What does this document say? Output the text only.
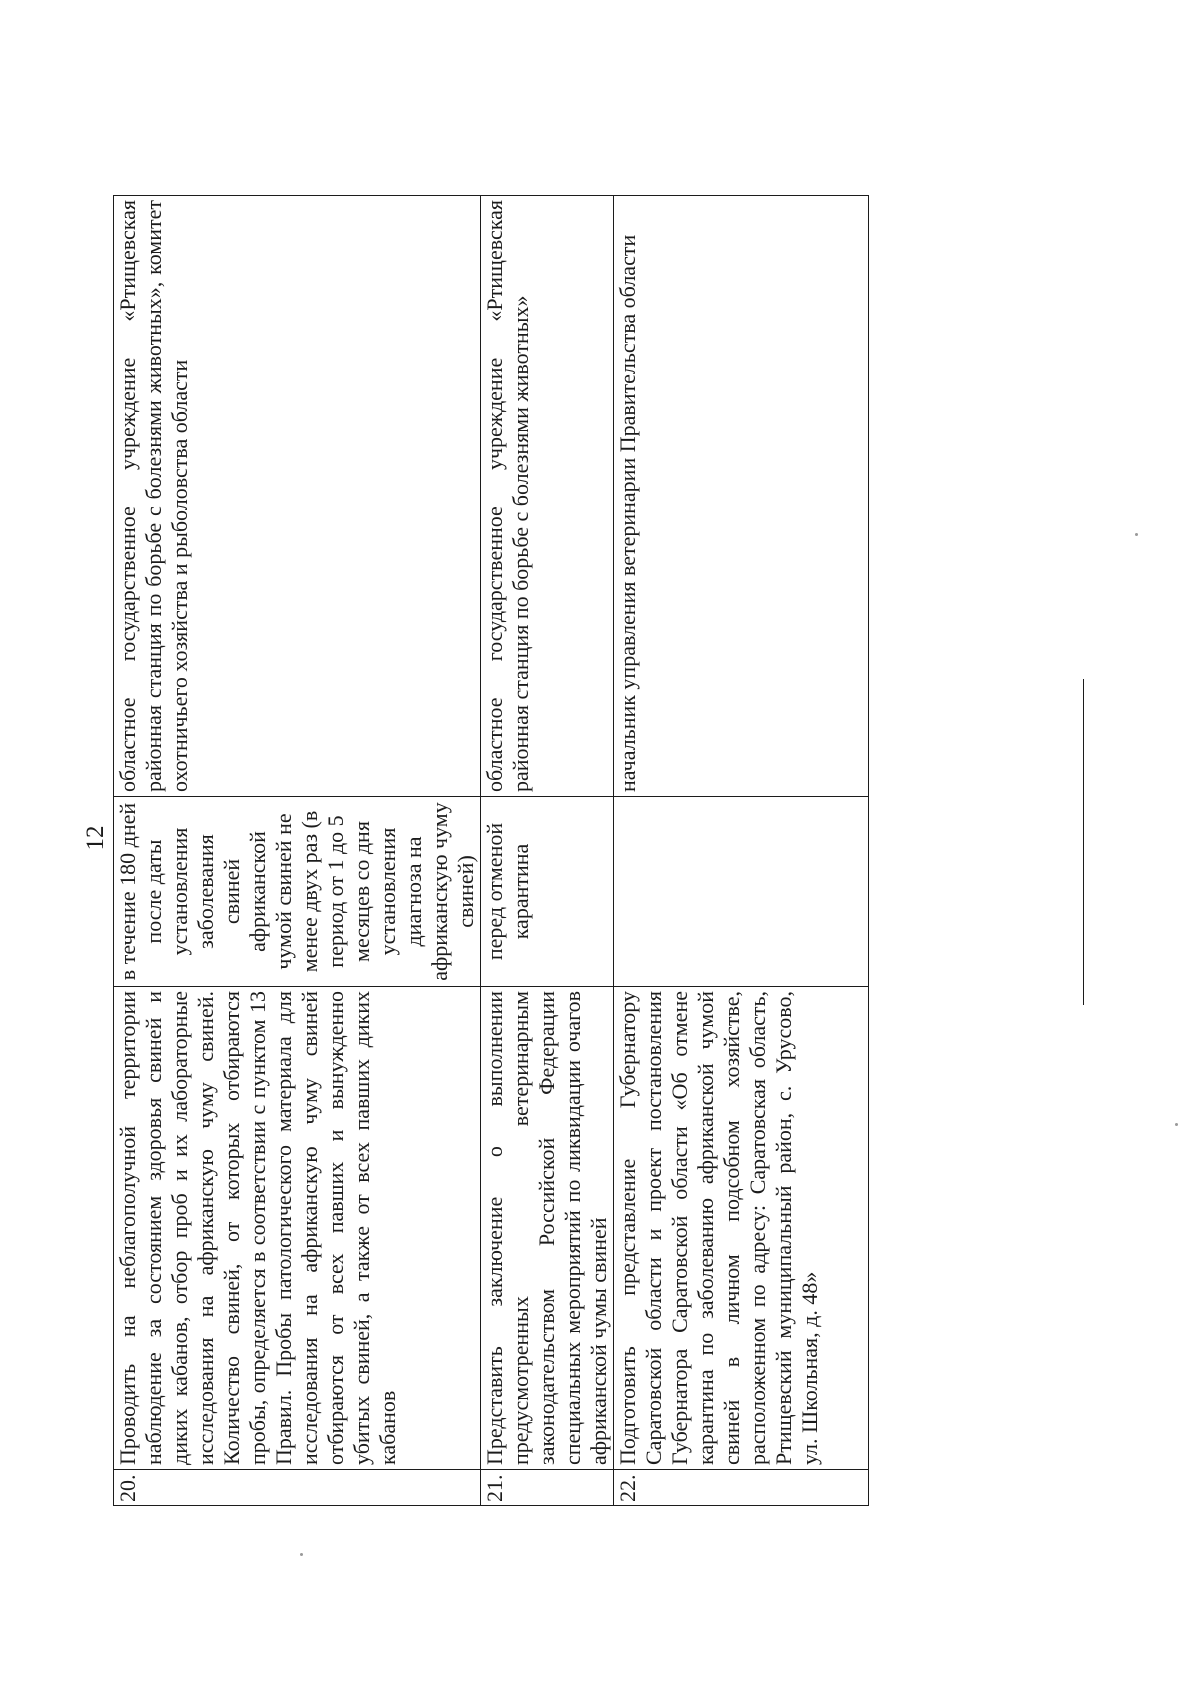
12
20.	Проводить на неблагополучной территории наблюдение за состоянием здоровья свиней и диких кабанов, отбор проб и их лабораторные исследования на африканскую чуму свиней. Количество свиней, от которых отбираются пробы, определяется в соответствии с пунктом 13 Правил. Пробы патологического материала для исследования на африканскую чуму свиней отбираются от всех павших и вынужденно убитых свиней, а также от всех павших диких кабанов	в течение 180 дней после даты установления заболевания свиней африканской чумой свиней не менее двух раз (в период от 1 до 5 месяцев со дня установления диагноза на африканскую чуму свиней)	областное государственное учреждение «Ртищевская районная станция по борьбе с болезнями животных», комитет охотничьего хозяйства и рыболовства области
21.	Представить заключение о выполнении предусмотренных ветеринарным законодательством Российской Федерации специальных мероприятий по ликвидации очагов африканской чумы свиней	перед отменой карантина	областное государственное учреждение «Ртищевская районная станция по борьбе с болезнями животных»
22.	Подготовить представление Губернатору Саратовской области и проект постановления Губернатора Саратовской области «Об отмене карантина по заболеванию африканской чумой свиней в личном подсобном хозяйстве, расположенном по адресу: Саратовская область, Ртищевский муниципальный район, с. Урусово, ул. Школьная, д. 48»		начальник управления ветеринарии Правительства области
